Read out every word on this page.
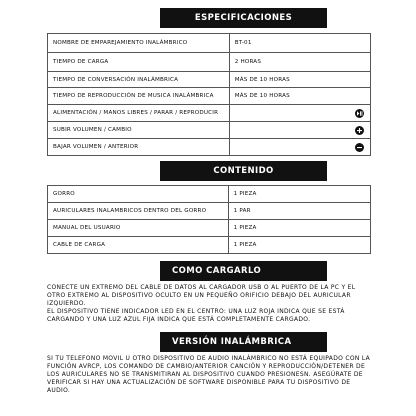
ESPECIFICACIONES
NOMBRE DE EMPAREJAMIENTO INALÁMBRICO	BT-01
TIEMPO DE CARGA	2 HORAS
TIEMPO DE CONVERSACIÓN INALÁMBRICA	MÁS DE 10 HORAS
TIEMPO DE REPRODUCCIÓN DE MUSICA INALÁMBRICA	MÁS DE 10 HORAS
ALIMENTACIÓN / MANOS LIBRES / PARAR / REPRODUCIR	

SUBIR VOLUMEN / CAMBIO	

BAJAR VOLUMEN / ANTERIOR	
CONTENIDO
GORRO	1 PIEZA
AURICULARES INALAMBRICOS DENTRO DEL GORRO	1 PAR
MANUAL DEL USUARIO	1 PIEZA
CABLE DE CARGA	1 PIEZA
COMO CARGARLO

CONECTE UN EXTREMO DEL CABLE DE DATOS AL CARGADOR USB O AL PUERTO DE LA PC Y EL OTRO EXTREMO AL DISPOSITIVO OCULTO EN UN PEQUEÑO ORIFICIO DEBAJO DEL AURICULAR IZQUIERDO.

EL DISPOSITIVO TIENE INDICADOR LED EN EL CENTRO: UNA LUZ ROJA INDICA QUE SE ESTÁ CARGANDO Y UNA LUZ AZUL FIJA INDICA QUE ESTÁ COMPLETAMENTE CARGADO.

VERSIÓN INALÁMBRICA

SI TU TELEFONO MOVIL U OTRO DISPOSITIVO DE AUDIO INALÁMBRICO NO ESTÁ EQUIPADO CON LA FUNCIÓN AVRCP, LOS COMANDO DE CAMBIO/ANTERIOR CANCIÓN Y REPRODUCCIÓN/DETENER DE LOS AURICULARES NO SE TRANSMITIRAN AL DISPOSITIVO CUANDO PRESIONESN. ASEGÚRATE DE VERIFICAR SI HAY UNA ACTUALIZACIÓN DE SOFTWARE DISPONIBLE PARA TU DISPOSITIVO DE AUDIO.
